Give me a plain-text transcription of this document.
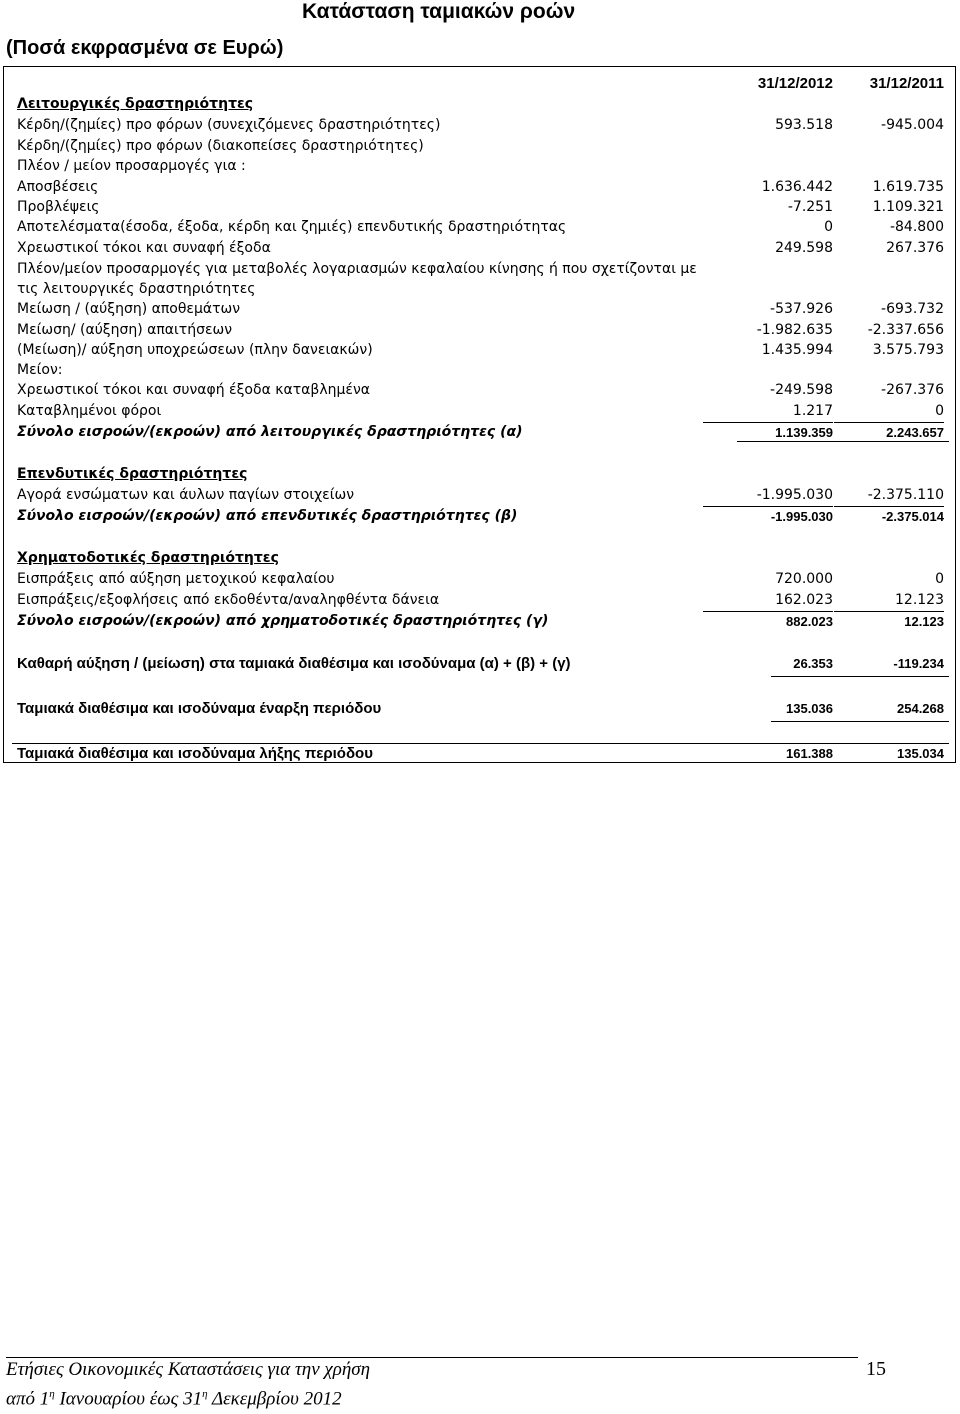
Κατάσταση ταμιακών ροών
(Ποσά εκφρασμένα σε Ευρώ)
31/12/2012	31/12/2011
Λειτουργικές δραστηριότητες
Κέρδη/(ζημίες) προ φόρων (συνεχιζόμενες δραστηριότητες)	593.518	-945.004
Κέρδη/(ζημίες) προ φόρων (διακοπείσες δραστηριότητες)
Πλέον / μείον προσαρμογές για :
Αποσβέσεις	1.636.442	1.619.735
Προβλέψεις	-7.251	1.109.321
Αποτελέσματα(έσοδα, έξοδα, κέρδη και ζημιές) επενδυτικής δραστηριότητας	0	-84.800
Χρεωστικοί τόκοι και συναφή έξοδα	249.598	267.376
Πλέον/μείον προσαρμογές για μεταβολές λογαριασμών κεφαλαίου κίνησης ή που σχετίζονται με τις λειτουργικές δραστηριότητες
Μείωση / (αύξηση) αποθεμάτων	-537.926	-693.732
Μείωση/ (αύξηση) απαιτήσεων	-1.982.635	-2.337.656
(Μείωση)/ αύξηση υποχρεώσεων (πλην δανειακών)	1.435.994	3.575.793
Μείον:
Χρεωστικοί τόκοι και συναφή έξοδα καταβλημένα	-249.598	-267.376
Καταβλημένοι φόροι	1.217	0
Σύνολο εισροών/(εκροών) από λειτουργικές δραστηριότητες (α)	1.139.359	2.243.657
Επενδυτικές δραστηριότητες
Αγορά ενσώματων και άυλων παγίων στοιχείων	-1.995.030	-2.375.110
Σύνολο εισροών/(εκροών) από επενδυτικές δραστηριότητες (β)	-1.995.030	-2.375.014
Χρηματοδοτικές δραστηριότητες
Εισπράξεις από αύξηση μετοχικού κεφαλαίου	720.000	0
Εισπράξεις/εξοφλήσεις από εκδοθέντα/αναληφθέντα δάνεια	162.023	12.123
Σύνολο εισροών/(εκροών) από χρηματοδοτικές δραστηριότητες (γ)	882.023	12.123
Καθαρή αύξηση / (μείωση) στα ταμιακά διαθέσιμα και ισοδύναμα (α) + (β) + (γ)	26.353	-119.234
Ταμιακά διαθέσιμα και ισοδύναμα έναρξη περιόδου	135.036	254.268
Ταμιακά διαθέσιμα και ισοδύναμα λήξης περιόδου	161.388	135.034
Ετήσιες Οικονομικές Καταστάσεις για την χρήση	15
από $1^\eta$ Ιανουαρίου έως $31^\eta$ Δεκεμβρίου 2012
